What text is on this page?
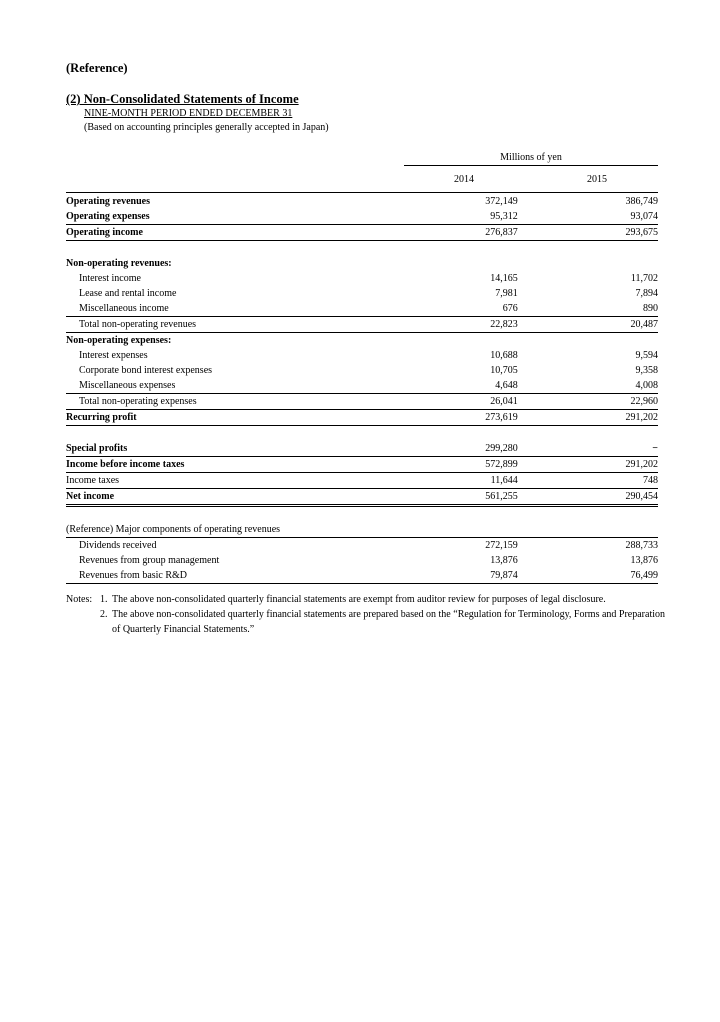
(Reference)
(2) Non-Consolidated Statements of Income
NINE-MONTH PERIOD ENDED DECEMBER 31
(Based on accounting principles generally accepted in Japan)
Millions of yen
2014	2015
Operating revenues	372,149		386,749
Operating expenses	95,312		93,074
Operating income	276,837		293,675

Non-operating revenues:			
Interest income	14,165		11,702
Lease and rental income	7,981		7,894
Miscellaneous income	676		890
Total non-operating revenues	22,823		20,487
Non-operating expenses:			
Interest expenses	10,688		9,594
Corporate bond interest expenses	10,705		9,358
Miscellaneous expenses	4,648		4,008
Total non-operating expenses	26,041		22,960
Recurring profit	273,619		291,202

Special profits	299,280		−
Income before income taxes	572,899		291,202
Income taxes	11,644		748
Net income	561,255		290,454

(Reference) Major components of operating revenues			
Dividends received	272,159		288,733
Revenues from group management	13,876		13,876
Revenues from basic R&D	79,874		76,499
Notes: 1. The above non-consolidated quarterly financial statements are exempt from auditor review for purposes of legal disclosure.
2. The above non-consolidated quarterly financial statements are prepared based on the “Regulation for Terminology, Forms and Preparation of Quarterly Financial Statements.”
